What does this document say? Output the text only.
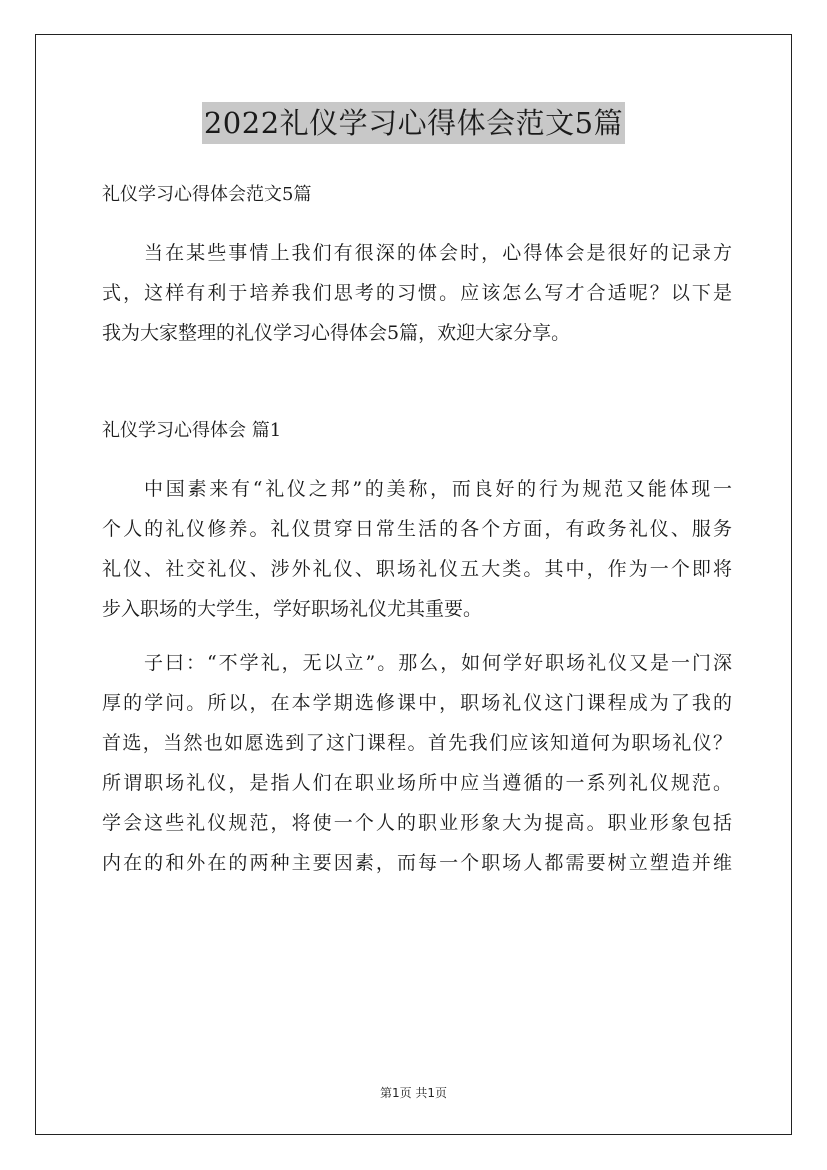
2022礼仪学习心得体会范文5篇
礼仪学习心得体会范文5篇
当在某些事情上我们有很深的体会时，心得体会是很好的记录方
式，这样有利于培养我们思考的习惯。应该怎么写才合适呢？以下是
我为大家整理的礼仪学习心得体会5篇，欢迎大家分享。
礼仪学习心得体会 篇1
中国素来有“礼仪之邦”的美称，而良好的行为规范又能体现一
个人的礼仪修养。礼仪贯穿日常生活的各个方面，有政务礼仪、服务
礼仪、社交礼仪、涉外礼仪、职场礼仪五大类。其中，作为一个即将
步入职场的大学生，学好职场礼仪尤其重要。
子曰：“不学礼，无以立”。那么，如何学好职场礼仪又是一门深
厚的学问。所以，在本学期选修课中，职场礼仪这门课程成为了我的
首选，当然也如愿选到了这门课程。首先我们应该知道何为职场礼仪？
所谓职场礼仪，是指人们在职业场所中应当遵循的一系列礼仪规范。
学会这些礼仪规范，将使一个人的职业形象大为提高。职业形象包括
内在的和外在的两种主要因素，而每一个职场人都需要树立塑造并维
第1页 共1页
